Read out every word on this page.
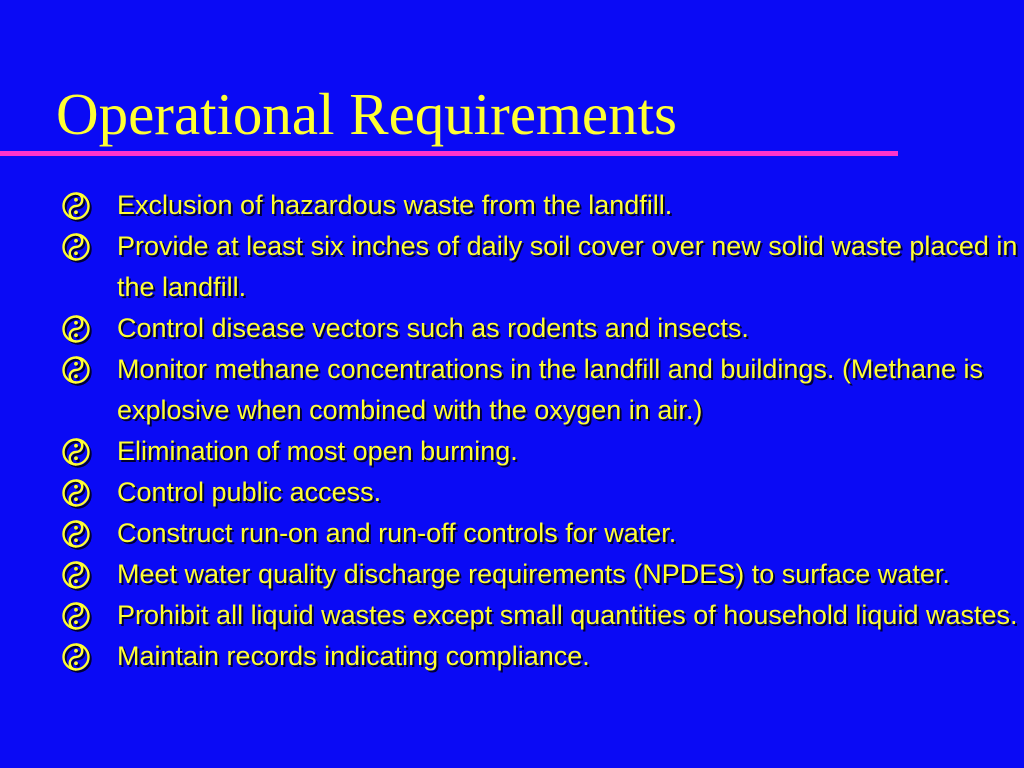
Operational Requirements
Exclusion of hazardous waste from the landfill.
Provide at least six inches of daily soil cover over new solid waste placed in the landfill.
Control disease vectors such as rodents and insects.
Monitor methane concentrations in the landfill and buildings. (Methane is explosive when combined with the oxygen in air.)
Elimination of most open burning.
Control public access.
Construct run-on and run-off controls for water.
Meet water quality discharge requirements (NPDES) to surface water.
Prohibit all liquid wastes except small quantities of household liquid wastes.
Maintain records indicating compliance.
